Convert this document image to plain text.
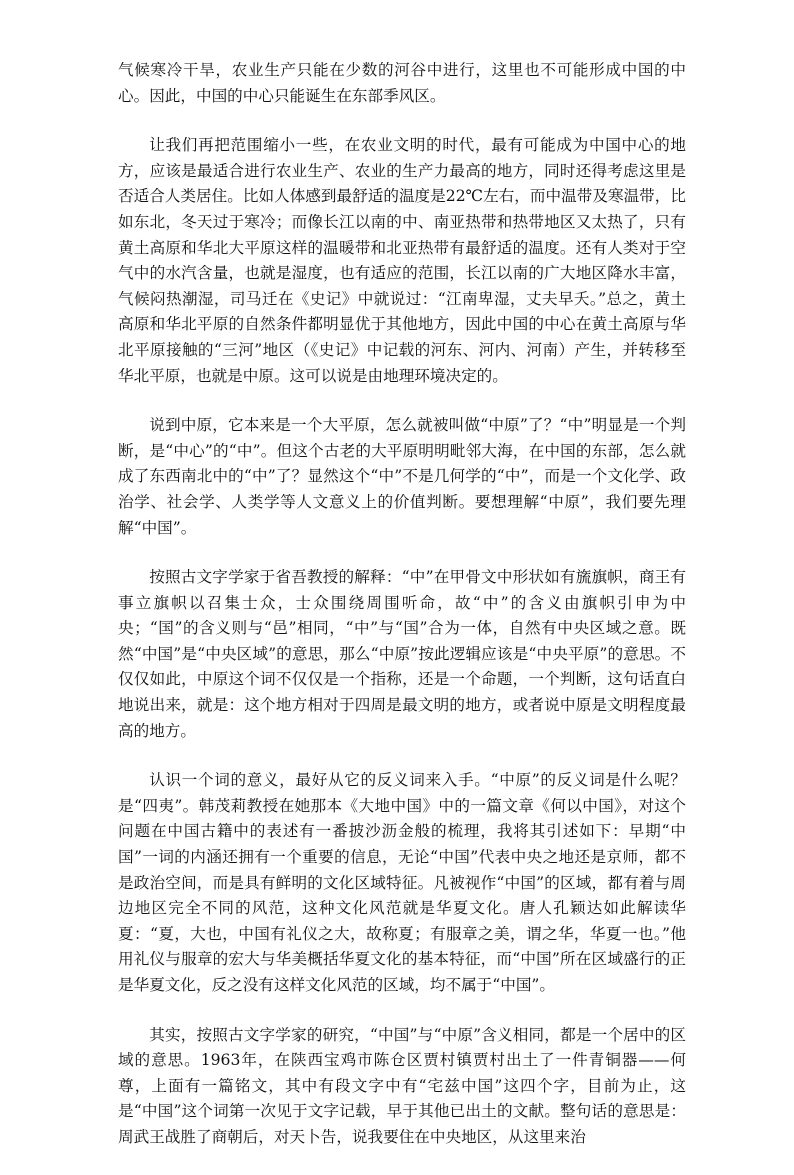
气候寒冷干旱，农业生产只能在少数的河谷中进行，这里也不可能形成中国的中心。因此，中国的中心只能诞生在东部季风区。

让我们再把范围缩小一些，在农业文明的时代，最有可能成为中国中心的地方，应该是最适合进行农业生产、农业的生产力最高的地方，同时还得考虑这里是否适合人类居住。比如人体感到最舒适的温度是22℃左右，而中温带及寒温带，比如东北，冬天过于寒冷；而像长江以南的中、南亚热带和热带地区又太热了，只有黄土高原和华北大平原这样的温暖带和北亚热带有最舒适的温度。还有人类对于空气中的水汽含量，也就是湿度，也有适应的范围，长江以南的广大地区降水丰富，气候闷热潮湿，司马迁在《史记》中就说过：“江南卑湿，丈夫早夭。”总之，黄土高原和华北平原的自然条件都明显优于其他地方，因此中国的中心在黄土高原与华北平原接触的“三河”地区（《史记》中记载的河东、河内、河南）产生，并转移至华北平原，也就是中原。这可以说是由地理环境决定的。

说到中原，它本来是一个大平原，怎么就被叫做“中原”了？“中”明显是一个判断，是“中心”的“中”。但这个古老的大平原明明毗邻大海，在中国的东部，怎么就成了东西南北中的“中”了？显然这个“中”不是几何学的“中”，而是一个文化学、政治学、社会学、人类学等人文意义上的价值判断。要想理解“中原”，我们要先理解“中国”。

按照古文字学家于省吾教授的解释：“中”在甲骨文中形状如有旒旗帜，商王有事立旗帜以召集士众，士众围绕周围听命，故“中”的含义由旗帜引申为中央；“国”的含义则与“邑”相同，“中”与“国”合为一体，自然有中央区域之意。既然“中国”是“中央区域”的意思，那么“中原”按此逻辑应该是“中央平原”的意思。不仅仅如此，中原这个词不仅仅是一个指称，还是一个命题，一个判断，这句话直白地说出来，就是：这个地方相对于四周是最文明的地方，或者说中原是文明程度最高的地方。

认识一个词的意义，最好从它的反义词来入手。“中原”的反义词是什么呢？是“四夷”。韩茂莉教授在她那本《大地中国》中的一篇文章《何以中国》，对这个问题在中国古籍中的表述有一番披沙沥金般的梳理，我将其引述如下：早期“中国”一词的内涵还拥有一个重要的信息，无论“中国”代表中央之地还是京师，都不是政治空间，而是具有鲜明的文化区域特征。凡被视作“中国”的区域，都有着与周边地区完全不同的风范，这种文化风范就是华夏文化。唐人孔颖达如此解读华夏：“夏，大也，中国有礼仪之大，故称夏；有服章之美，谓之华，华夏一也。”他用礼仪与服章的宏大与华美概括华夏文化的基本特征，而“中国”所在区域盛行的正是华夏文化，反之没有这样文化风范的区域，均不属于“中国”。

其实，按照古文字学家的研究，“中国”与“中原”含义相同，都是一个居中的区域的意思。1963年，在陕西宝鸡市陈仓区贾村镇贾村出土了一件青铜器——何尊，上面有一篇铭文，其中有段文字中有“宅兹中国”这四个字，目前为止，这是“中国”这个词第一次见于文字记载，早于其他已出土的文献。整句话的意思是：周武王战胜了商朝后，对天卜告，说我要住在中央地区，从这里来治
